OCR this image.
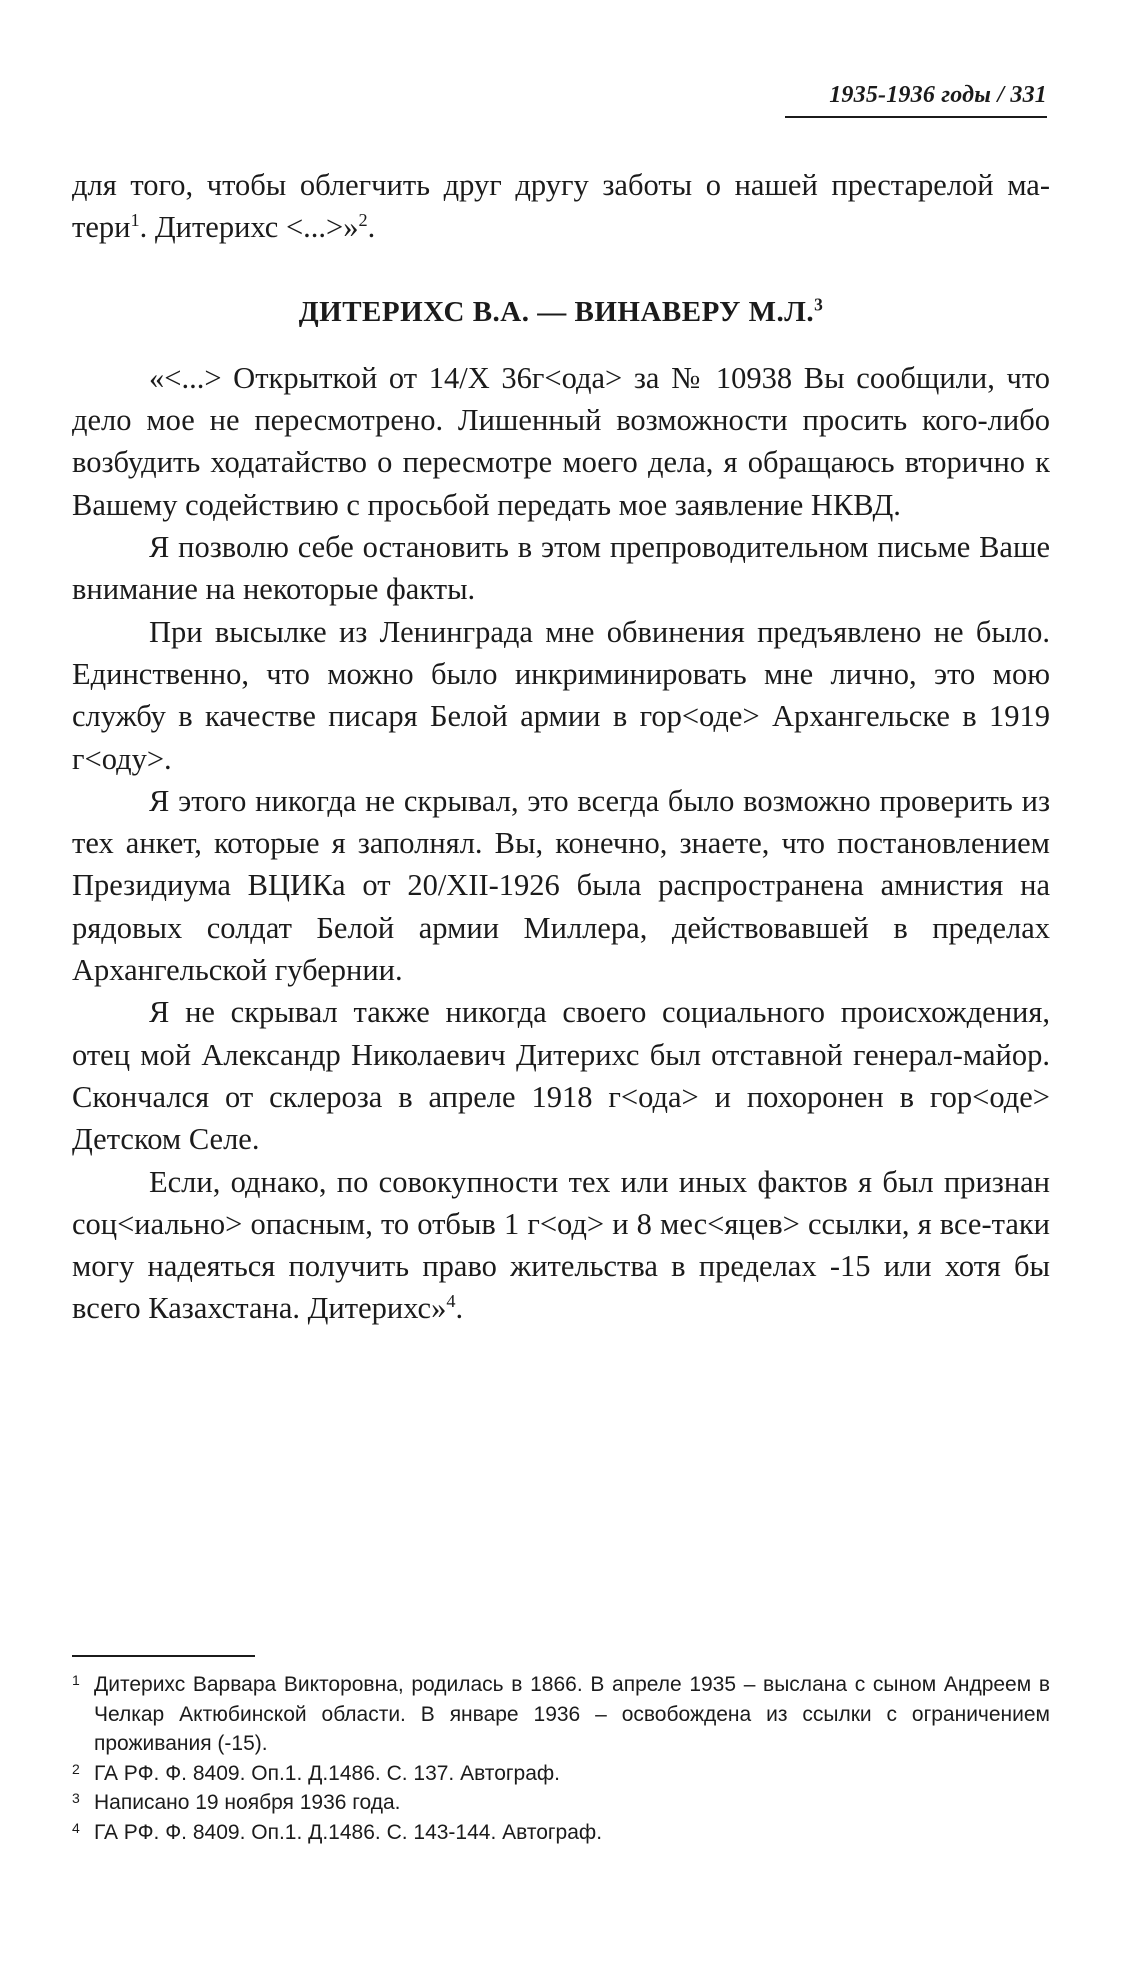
1935-1936 годы / 331

для того, чтобы облегчить друг другу заботы о нашей престарелой ма-тери$^1$. Дитерихс <...>»$^2$.

ДИТЕРИХС В.А. — ВИНАВЕРУ М.Л.$^3$

«<...> Открыткой от 14/Х 36г<ода> за № 10938 Вы сообщили, что дело мое не пересмотрено. Лишенный возможности просить кого-либо возбудить ходатайство о пересмотре моего дела, я обращаюсь вторично к Вашему содействию с просьбой передать мое заявление НКВД.

Я позволю себе остановить в этом препроводительном письме Ваше внимание на некоторые факты.

При высылке из Ленинграда мне обвинения предъявлено не было. Единственно, что можно было инкриминировать мне лично, это мою службу в качестве писаря Белой армии в гор<оде> Архангельске в 1919 г<оду>.

Я этого никогда не скрывал, это всегда было возможно проверить из тех анкет, которые я заполнял. Вы, конечно, знаете, что постановлением Президиума ВЦИКа от 20/ХII-1926 была распространена амнистия на рядовых солдат Белой армии Миллера, действовавшей в пределах Архангельской губернии.

Я не скрывал также никогда своего социального происхождения, отец мой Александр Николаевич Дитерихс был отставной генерал-майор. Скончался от склероза в апреле 1918 г<ода> и похоронен в гор<оде> Детском Селе.

Если, однако, по совокупности тех или иных фактов я был признан соц<иально> опасным, то отбыв 1 г<од> и 8 мес<яцев> ссылки, я все-таки могу надеяться получить право жительства в пределах -15 или хотя бы всего Казахстана. Дитерихс»$^4$.

1 Дитерихс Варвара Викторовна, родилась в 1866. В апреле 1935 – выслана с сыном Андреем в Челкар Актюбинской области. В январе 1936 – освобождена из ссылки с ограничением проживания (-15).

2 ГА РФ. Ф. 8409. Оп.1. Д.1486. С. 137. Автограф.

3 Написано 19 ноября 1936 года.

4 ГА РФ. Ф. 8409. Оп.1. Д.1486. С. 143-144. Автограф.
